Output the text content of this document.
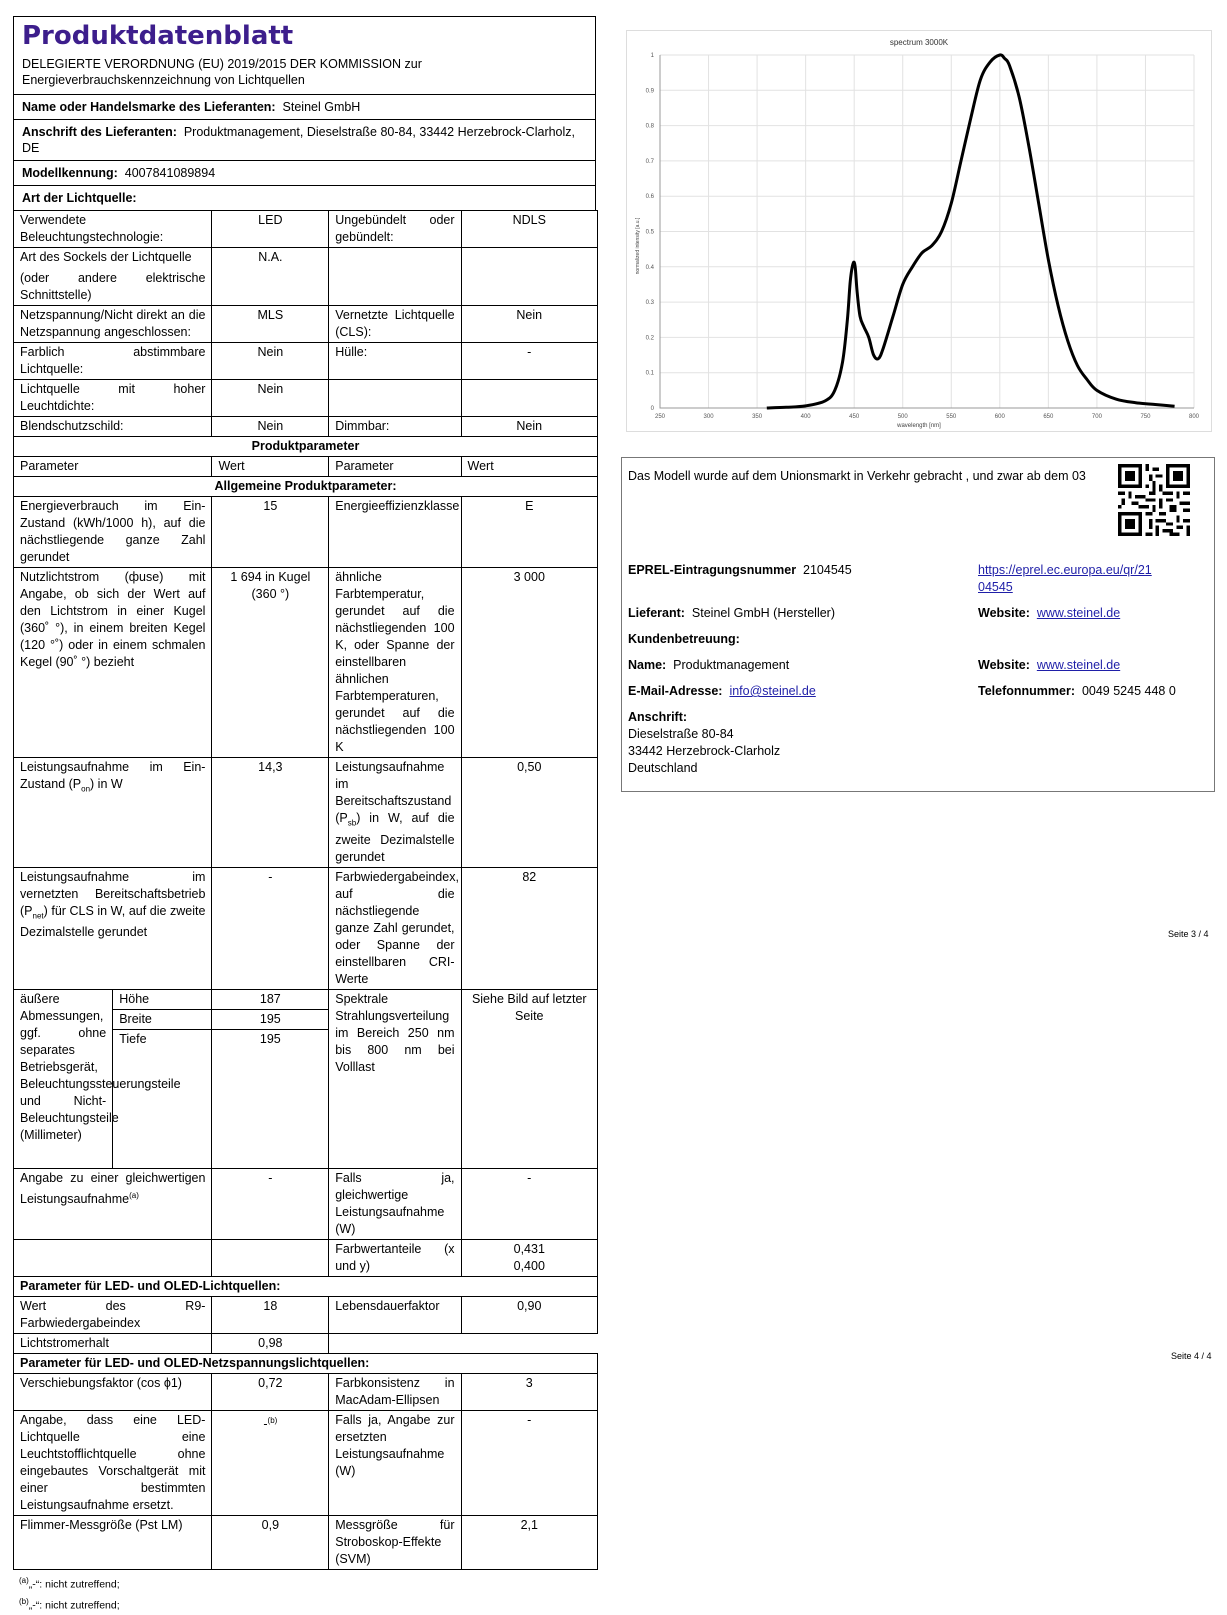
Produktdatenblatt
DELEGIERTE VERORDNUNG (EU) 2019/2015 DER KOMMISSION zur
Energieverbrauchskennzeichnung von Lichtquellen
Name oder Handelsmarke des Lieferanten: Steinel GmbH
Anschrift des Lieferanten: Produktmanagement, Dieselstraße 80-84, 33442 Herzebrock-Clarholz, DE
Modellkennung: 4007841089894
Art der Lichtquelle:
Verwendete Beleuchtungstechnologie:		LED	Ungebündelt oder gebündelt:	NDLS

Art des Sockels der Lichtquelle
(oder andere elektrische Schnittstelle)		N.A.		
Netzspannung/Nicht direkt an die Netzspannung angeschlossen:		MLS	Vernetzte Lichtquelle (CLS):	Nein
Farblich abstimmbare Lichtquelle:		Nein	Hülle:	-
Lichtquelle mit hoher Leuchtdichte:		Nein		
Blendschutzschild:		Nein	Dimmbar:	Nein
Produktparameter				
Parameter		Wert	Parameter	Wert
Allgemeine Produktparameter:				
Energieverbrauch im Ein-Zustand (kWh/1000 h), auf die nächstliegende ganze Zahl gerundet		15	Energieeffizienzklasse	E
Nutzlichtstrom (фuse) mit Angabe, ob sich der Wert auf den Lichtstrom in einer Kugel (360˚ °), in einem breiten Kegel (120 °˚) oder in einem schmalen Kegel (90˚ °) bezieht		1 694 in Kugel (360 °)	ähnliche Farbtemperatur, gerundet auf die nächstliegenden 100 K, oder Spanne der einstellbaren ähnlichen Farbtemperaturen, gerundet auf die nächstliegenden 100 K	3 000
Leistungsaufnahme im Ein-Zustand $(P_{on})$ in W		14,3	Leistungsaufnahme im Bereitschaftszustand $(P_{sb})$ in W, auf die zweite Dezimalstelle gerundet	0,50
Leistungsaufnahme im vernetzten Bereitschaftsbetrieb $(P_{net})$ für CLS in W, auf die zweite Dezimalstelle gerundet		-	Farbwiedergabeindex, auf die nächstliegende ganze Zahl gerundet, oder Spanne der einstellbaren CRI-Werte	82
äußere Abmessungen, ggf. ohne separates Betriebsgerät, Beleuchtungssteuerungsteile und Nicht-Beleuchtungsteile (Millimeter)	Höhe	187	Spektrale Strahlungsverteilung im Bereich 250 nm bis 800 nm bei Volllast	Siehe Bild auf letzter Seite
	Breite	195		
	Tiefe	195		
Angabe zu einer gleichwertigen Leistungsaufnahme$^{(a)}$		-	Falls ja, gleichwertige Leistungsaufnahme (W)	-
			Farbwertanteile (x und y)	0,431
0,400

Parameter für LED- und OLED-Lichtquellen:				
Wert des R9-Farbwiedergabeindex		18	Lebensdauerfaktor	0,90
Lichtstromerhalt		0,98		
Parameter für LED- und OLED-Netzspannungslichtquellen:				
Verschiebungsfaktor (cos ϕ1)		0,72	Farbkonsistenz in MacAdam-Ellipsen	3
Angabe, dass eine LED-Lichtquelle eine Leuchtstofflichtquelle ohne eingebautes Vorschaltgerät mit einer bestimmten Leistungsaufnahme ersetzt.		-$^{(b)}$	Falls ja, Angabe zur ersetzten Leistungsaufnahme (W)	-
Flimmer-Messgröße (Pst LM)		0,9	Messgröße für Stroboskop-Effekte (SVM)	2,1
$^{(a)}$„-“: nicht zutreffend;
$^{(b)}$„-“: nicht zutreffend;
250	300	350	400	450	500	550	600	650	700	750	800
0
0.1
0.2
0.3
0.4
0.5
0.6
0.7
0.8
0.9
1
spectrum 3000K
wavelength [nm]
normalized intensity [a.u.]
Das Modell wurde auf dem Unionsmarkt in Verkehr gebracht , und zwar ab dem 03
EPREL-Eintragungsnummer 2104545	https://eprel.ec.europa.eu/qr/21
04545
Lieferant: Steinel GmbH (Hersteller)	Website: www.steinel.de
Kundenbetreuung:
Name: Produktmanagement	Website: www.steinel.de
E-Mail-Adresse: info@steinel.de	Telefonnummer: 0049 5245 448 0
Anschrift:
Dieselstraße 80-84
33442 Herzebrock-Clarholz
Deutschland
Seite 3 / 4
Seite 4 / 4
